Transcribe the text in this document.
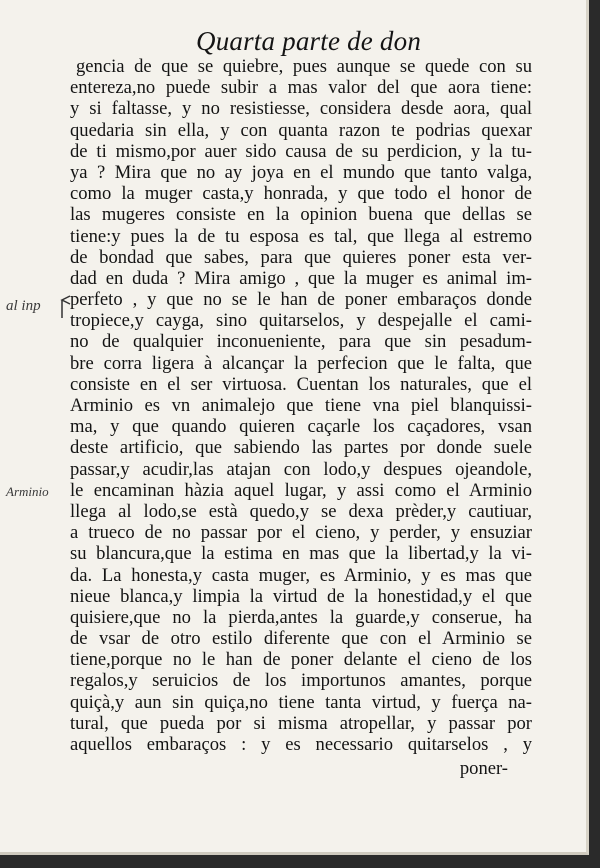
Quarta parte de don
al inp
Arminio
gencia de que se quiebre, pues aunque se quede con su
entereza,no puede subir a mas valor del que aora tiene:
y si faltasse, y no resistiesse, considera desde aora, qual
quedaria sin ella, y con quanta razon te podrias quexar
de ti mismo,por auer sido causa de su perdicion, y la tu-
ya ? Mira que no ay joya en el mundo que tanto valga,
como la muger casta,y honrada, y que todo el honor de
las mugeres consiste en la opinion buena que dellas se
tiene:y pues la de tu esposa es tal, que llega al estremo
de bondad que sabes, para que quieres poner esta ver-
dad en duda ? Mira amigo , que la muger es animal im-
perfeto , y que no se le han de poner embaraços donde
tropiece,y cayga, sino quitarselos, y despejalle el cami-
no de qualquier inconueniente, para que sin pesadum-
bre corra ligera à alcançar la perfecion que le falta, que
consiste en el ser virtuosa. Cuentan los naturales, que el
Arminio es vn animalejo que tiene vna piel blanquissi-
ma, y que quando quieren caçarle los caçadores, vsan
deste artificio, que sabiendo las partes por donde suele
passar,y acudir,las atajan con lodo,y despues ojeandole,
le encaminan hàzia aquel lugar, y assi como el Arminio
llega al lodo,se està quedo,y se dexa prèder,y cautiuar,
a trueco de no passar por el cieno, y perder, y ensuziar
su blancura,que la estima en mas que la libertad,y la vi-
da. La honesta,y casta muger, es Arminio, y es mas que
nieue blanca,y limpia la virtud de la honestidad,y el que
quisiere,que no la pierda,antes la guarde,y conserue, ha
de vsar de otro estilo diferente que con el Arminio se
tiene,porque no le han de poner delante el cieno de los
regalos,y seruicios de los importunos amantes, porque
quiçà,y aun sin quiça,no tiene tanta virtud, y fuerça na-
tural, que pueda por si misma atropellar, y passar por
aquellos embaraços : y es necessario quitarselos , y
poner-
